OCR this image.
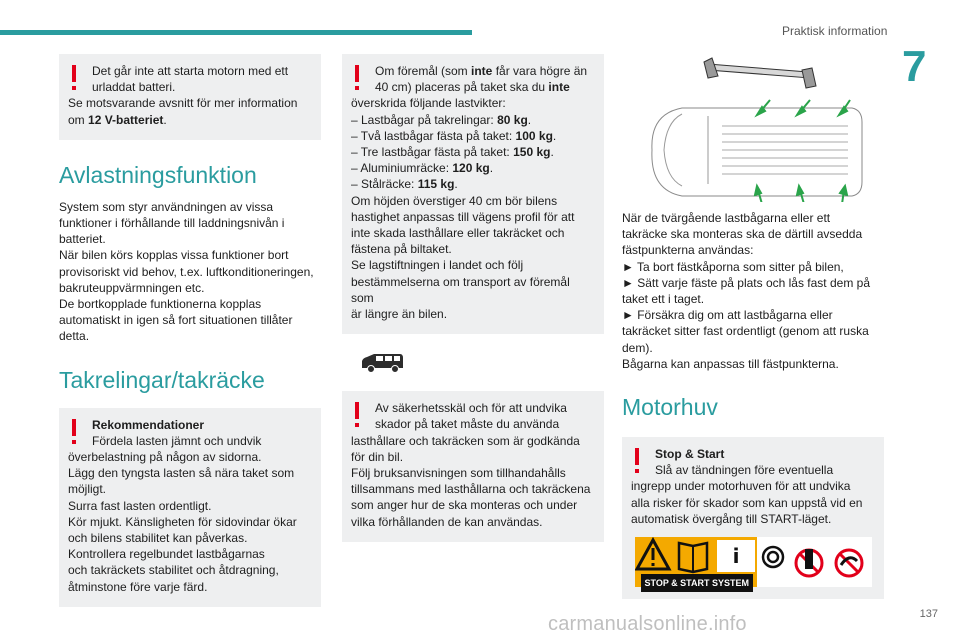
Praktisk information
7

Det går inte att starta motorn med ett

urladdat batteri.

Se motsvarande avsnitt för mer information

om 12 V-batteriet.

Avlastningsfunktion

System som styr användningen av vissa

funktioner i förhållande till laddningsnivån i

batteriet.

När bilen körs kopplas vissa funktioner bort

provisoriskt vid behov, t.ex. luftkonditioneringen,

bakruteuppvärmningen etc.

De bortkopplade funktionerna kopplas

automatiskt in igen så fort situationen tillåter

detta.

Takrelingar/takräcke

Rekommendationer

Fördela lasten jämnt och undvik

överbelastning på någon av sidorna.

Lägg den tyngsta lasten så nära taket som

möjligt.

Surra fast lasten ordentligt.

Kör mjukt. Känsligheten för sidovindar ökar

och bilens stabilitet kan påverkas.

Kontrollera regelbundet lastbågarnas

och takräckets stabilitet och åtdragning,

åtminstone före varje färd.

Om föremål (som inte får vara högre än

40 cm) placeras på taket ska du inte

överskrida följande lastvikter:

– Lastbågar på takrelingar: 80 kg.

– Två lastbågar fästa på taket: 100 kg.

– Tre lastbågar fästa på taket: 150 kg.

– Aluminiumräcke: 120 kg.

– Stålräcke: 115 kg.

Om höjden överstiger 40 cm bör bilens

hastighet anpassas till vägens profil för att

inte skada lasthållare eller takräcket och

fästena på biltaket.

Se lagstiftningen i landet och följ

bestämmelserna om transport av föremål som

är längre än bilen.

Av säkerhetsskäl och för att undvika

skador på taket måste du använda

lasthållare och takräcken som är godkända

för din bil.

Följ bruksanvisningen som tillhandahålls

tillsammans med lasthållarna och takräckena

som anger hur de ska monteras och under

vilka förhållanden de kan användas.

När de tvärgående lastbågarna eller ett

takräcke ska monteras ska de därtill avsedda

fästpunkterna användas:

► Ta bort fästkåporna som sitter på bilen,

► Sätt varje fäste på plats och lås fast dem på

taket ett i taget.

► Försäkra dig om att lastbågarna eller

takräcket sitter fast ordentligt (genom att ruska

dem).

Bågarna kan anpassas till fästpunkterna.

Motorhuv

Stop & Start

Slå av tändningen före eventuella

ingrepp under motorhuven för att undvika

alla risker för skador som kan uppstå vid en

automatisk övergång till START-läget.

i
STOP & START SYSTEM
137
carmanualsonline.info
